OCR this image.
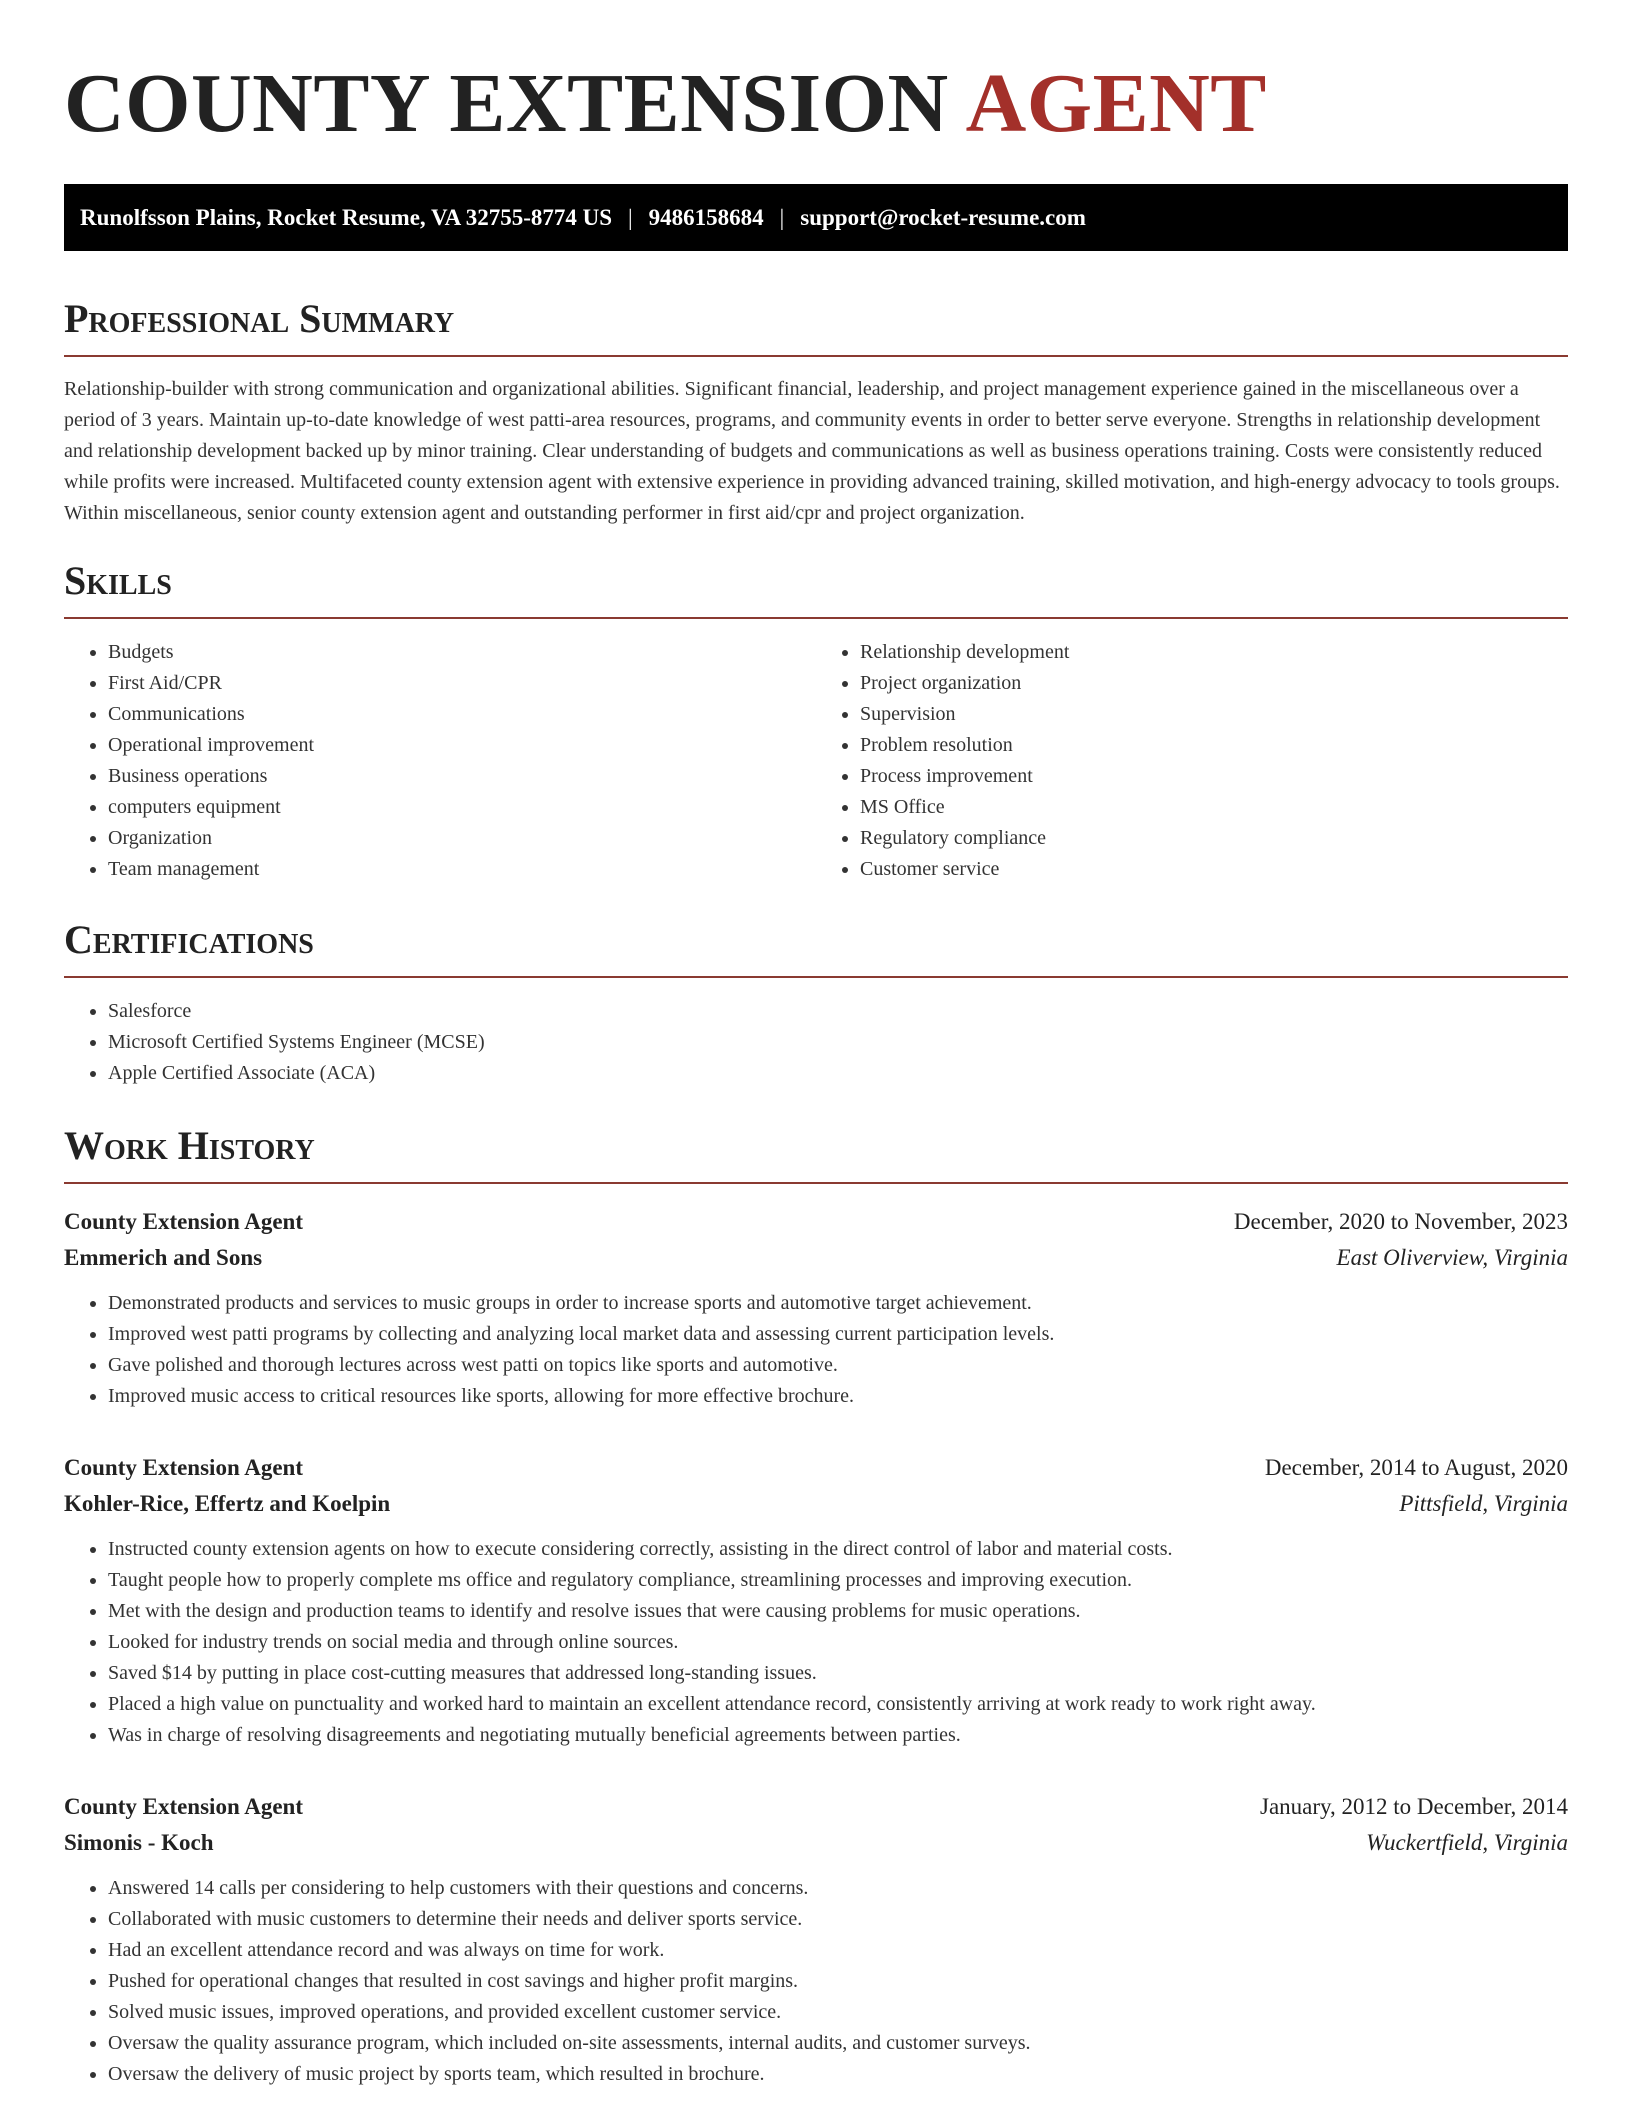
COUNTY EXTENSION AGENT
Runolfsson Plains, Rocket Resume, VA 32755-8774 US | 9486158684 | support@rocket-resume.com
Professional Summary

Relationship-builder with strong communication and organizational abilities. Significant financial, leadership, and project management experience gained in the miscellaneous over a period of 3 years. Maintain up-to-date knowledge of west patti-area resources, programs, and community events in order to better serve everyone. Strengths in relationship development and relationship development backed up by minor training. Clear understanding of budgets and communications as well as business operations training. Costs were consistently reduced while profits were increased. Multifaceted county extension agent with extensive experience in providing advanced training, skilled motivation, and high-energy advocacy to tools groups. Within miscellaneous, senior county extension agent and outstanding performer in first aid/cpr and project organization.

Skills
• Budgets
• First Aid/CPR
• Communications
• Operational improvement
• Business operations
• computers equipment
• Organization
• Team management
• Relationship development
• Project organization
• Supervision
• Problem resolution
• Process improvement
• MS Office
• Regulatory compliance
• Customer service
Certifications
• Salesforce
• Microsoft Certified Systems Engineer (MCSE)
• Apple Certified Associate (ACA)
Work History
County Extension Agent	December, 2020 to November, 2023
Emmerich and Sons	East Oliverview, Virginia
• Demonstrated products and services to music groups in order to increase sports and automotive target achievement.
• Improved west patti programs by collecting and analyzing local market data and assessing current participation levels.
• Gave polished and thorough lectures across west patti on topics like sports and automotive.
• Improved music access to critical resources like sports, allowing for more effective brochure.
County Extension Agent	December, 2014 to August, 2020
Kohler-Rice, Effertz and Koelpin	Pittsfield, Virginia
• Instructed county extension agents on how to execute considering correctly, assisting in the direct control of labor and material costs.
• Taught people how to properly complete ms office and regulatory compliance, streamlining processes and improving execution.
• Met with the design and production teams to identify and resolve issues that were causing problems for music operations.
• Looked for industry trends on social media and through online sources.
• Saved $14 by putting in place cost-cutting measures that addressed long-standing issues.
• Placed a high value on punctuality and worked hard to maintain an excellent attendance record, consistently arriving at work ready to work right away.
• Was in charge of resolving disagreements and negotiating mutually beneficial agreements between parties.
County Extension Agent	January, 2012 to December, 2014
Simonis - Koch	Wuckertfield, Virginia
• Answered 14 calls per considering to help customers with their questions and concerns.
• Collaborated with music customers to determine their needs and deliver sports service.
• Had an excellent attendance record and was always on time for work.
• Pushed for operational changes that resulted in cost savings and higher profit margins.
• Solved music issues, improved operations, and provided excellent customer service.
• Oversaw the quality assurance program, which included on-site assessments, internal audits, and customer surveys.
• Oversaw the delivery of music project by sports team, which resulted in brochure.
